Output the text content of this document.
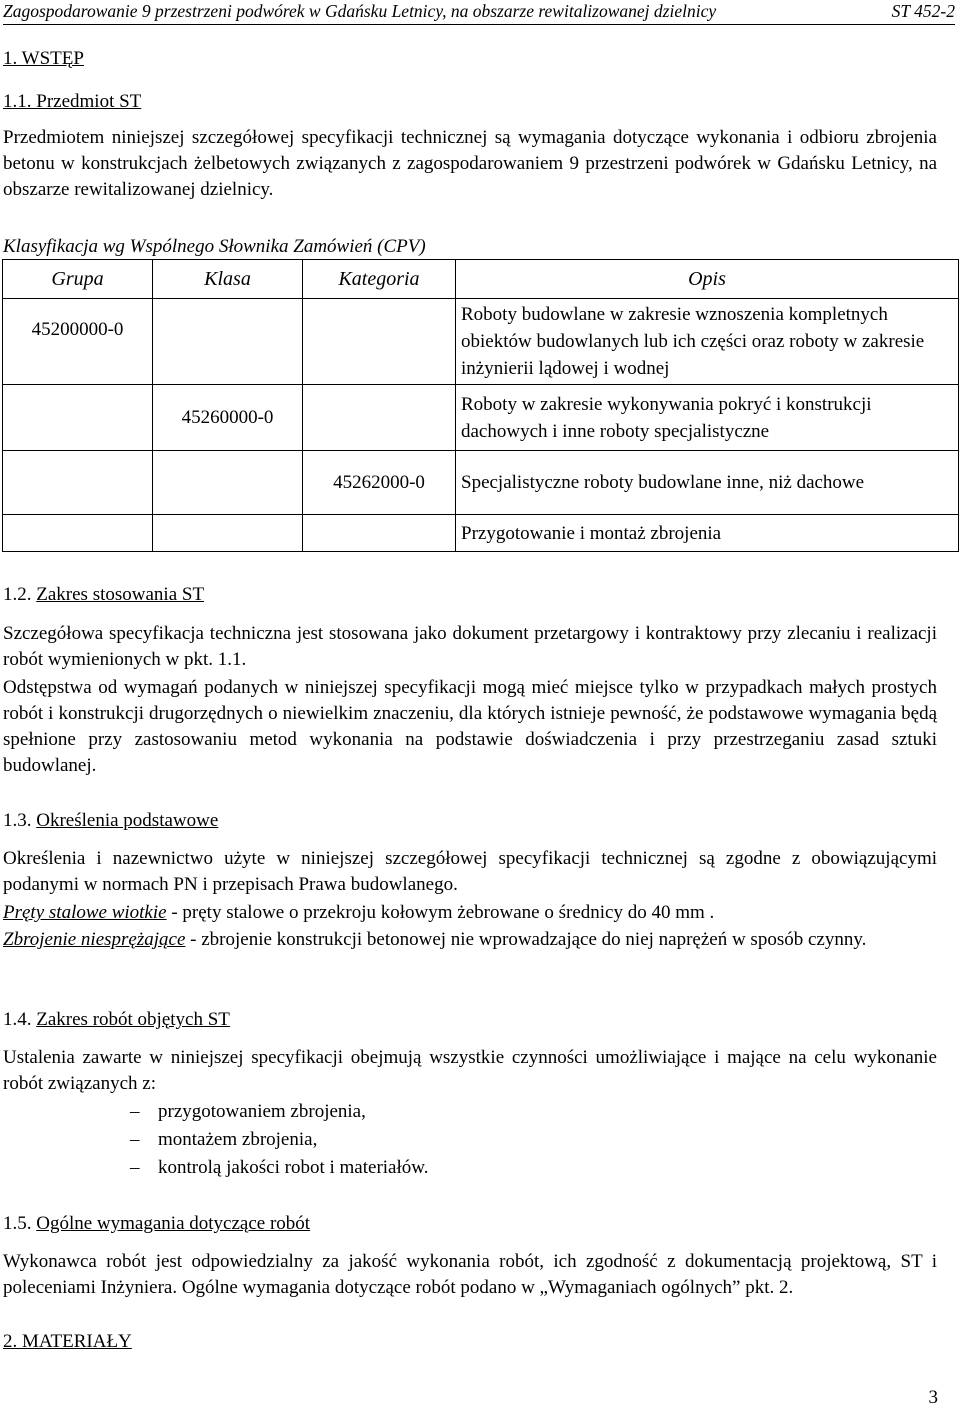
Zagospodarowanie 9 przestrzeni podwórek w Gdańsku Letnicy, na obszarze rewitalizowanej dzielnicy	ST 452-2
1. WSTĘP
1.1. Przedmiot ST
Przedmiotem niniejszej szczegółowej specyfikacji technicznej są wymagania dotyczące wykonania i odbioru zbrojenia betonu w konstrukcjach żelbetowych związanych z zagospodarowaniem 9 przestrzeni podwórek w Gdańsku Letnicy, na obszarze rewitalizowanej dzielnicy.
Klasyfikacja wg Wspólnego Słownika Zamówień (CPV)
Grupa	Klasa	Kategoria	Opis
45200000-0			Roboty budowlane w zakresie wznoszenia kompletnych obiektów budowlanych lub ich części oraz roboty w zakresie inżynierii lądowej i wodnej
	45260000-0		Roboty w zakresie wykonywania pokryć i konstrukcji dachowych i inne roboty specjalistyczne
		45262000-0	Specjalistyczne roboty budowlane inne, niż dachowe
			Przygotowanie i montaż zbrojenia
1.2. Zakres stosowania ST
Szczegółowa specyfikacja techniczna jest stosowana jako dokument przetargowy i kontraktowy przy zlecaniu i realizacji robót wymienionych w pkt. 1.1.
Odstępstwa od wymagań podanych w niniejszej specyfikacji mogą mieć miejsce tylko w przypadkach małych prostych robót i konstrukcji drugorzędnych o niewielkim znaczeniu, dla których istnieje pewność, że podstawowe wymagania będą spełnione przy zastosowaniu metod wykonania na podstawie doświadczenia i przy przestrzeganiu zasad sztuki budowlanej.
1.3. Określenia podstawowe
Określenia i nazewnictwo użyte w niniejszej szczegółowej specyfikacji technicznej są zgodne z obowiązującymi podanymi w normach PN i przepisach Prawa budowlanego.
Pręty stalowe wiotkie - pręty stalowe o przekroju kołowym żebrowane o średnicy do 40 mm .
Zbrojenie niesprężające - zbrojenie konstrukcji betonowej nie wprowadzające do niej naprężeń w sposób czynny.
1.4. Zakres robót objętych ST
Ustalenia zawarte w niniejszej specyfikacji obejmują wszystkie czynności umożliwiające i mające na celu wykonanie robót związanych z:
– przygotowaniem zbrojenia,
– montażem zbrojenia,
– kontrolą jakości robot i materiałów.
1.5. Ogólne wymagania dotyczące robót
Wykonawca robót jest odpowiedzialny za jakość wykonania robót, ich zgodność z dokumentacją projektową, ST i poleceniami Inżyniera. Ogólne wymagania dotyczące robót podano w „Wymaganiach ogólnych” pkt. 2.
2. MATERIAŁY
3
